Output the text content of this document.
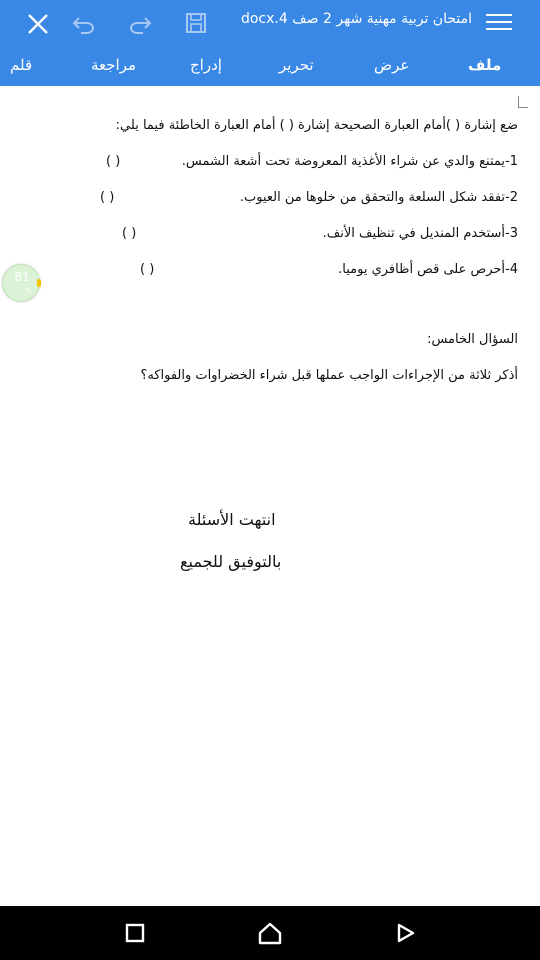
امتحان تربية مهنية شهر 2 صف docx.4
ملف
عرض
تحرير
إدراج
مراجعة
قلم
ضع إشارة ( )أمام العبارة الصحيحة إشارة ( ) أمام العبارة الخاطئة فيما يلي:
1-يمتنع والدي عن شراء الأغذية المعروضة تحت أشعة الشمس.
( )
2-تفقد شكل السلعة والتحقق من خلوها من العيوب.
( )
3-أستخدم المنديل في تنظيف الأنف.
( )
4-أحرص على قص أظافري يوميا.
( )
السؤال الخامس:
أذكر ثلاثة من الإجراءات الواجب عملها قبل شراء الخضراوات والفواكه؟
انتهت الأسئلة
بالتوفيق للجميع
81
%
